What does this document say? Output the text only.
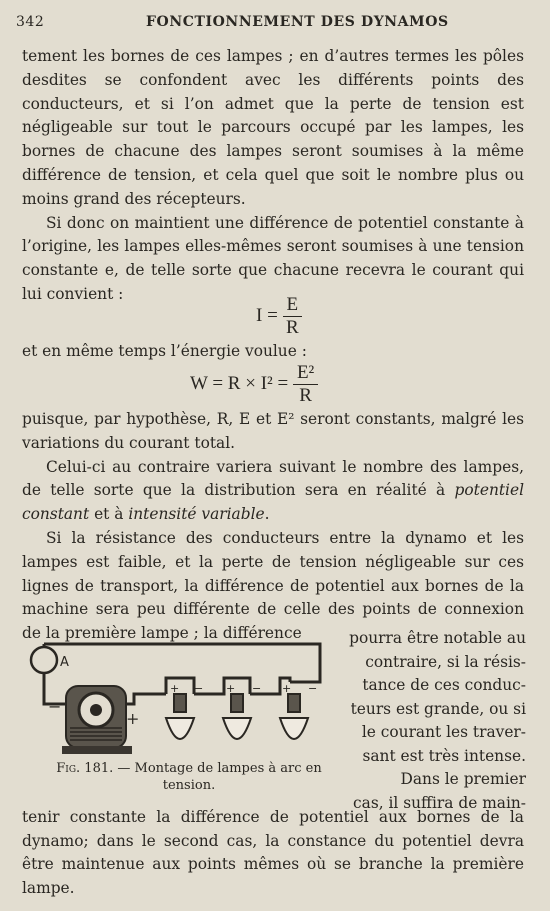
342	FONCTIONNEMENT DES DYNAMOS

tement les bornes de ces lampes ; en d’autres termes les pôles desdites se confondent avec les différents points des conducteurs, et si l’on admet que la perte de tension est négligeable sur tout le parcours occupé par les lampes, les bornes de chacune des lampes seront soumises à la même différence de tension, et cela quel que soit le nombre plus ou moins grand des récepteurs.

Si donc on maintient une différence de potentiel constante à l’origine, les lampes elles-mêmes seront soumises à une tension constante e, de telle sorte que chacune recevra le courant qui lui convient :

$I = \frac{E}{R}$

et en même temps l’énergie voulue :

$W = R \times I^2 = \frac{\text{E²}}{R}$

puisque, par hypothèse, R, E et E² seront constants, malgré les variations du courant total.

Celui-ci au contraire variera suivant le nombre des lampes, de telle sorte que la distribution sera en réalité à potentiel constant et à intensité variable.

Si la résistance des conducteurs entre la dynamo et les lampes est faible, et la perte de tension négligeable sur ces lignes de transport, la différence de potentiel aux bornes de la machine sera peu différente de celle des points de connexion de la première lampe ; la différence

A
−
+
+ − + − + −
Fig. 181. — Montage de lampes à arc en tension.
pourra être notable au
contraire, si la résis-
tance de ces conduc-
teurs est grande, ou si
le courant les traver-
sant est très intense.
Dans le premier
cas, il suffira de main-

tenir constante la différence de potentiel aux bornes de la dynamo; dans le second cas, la constance du potentiel devra être maintenue aux points mêmes où se branche la première lampe.
